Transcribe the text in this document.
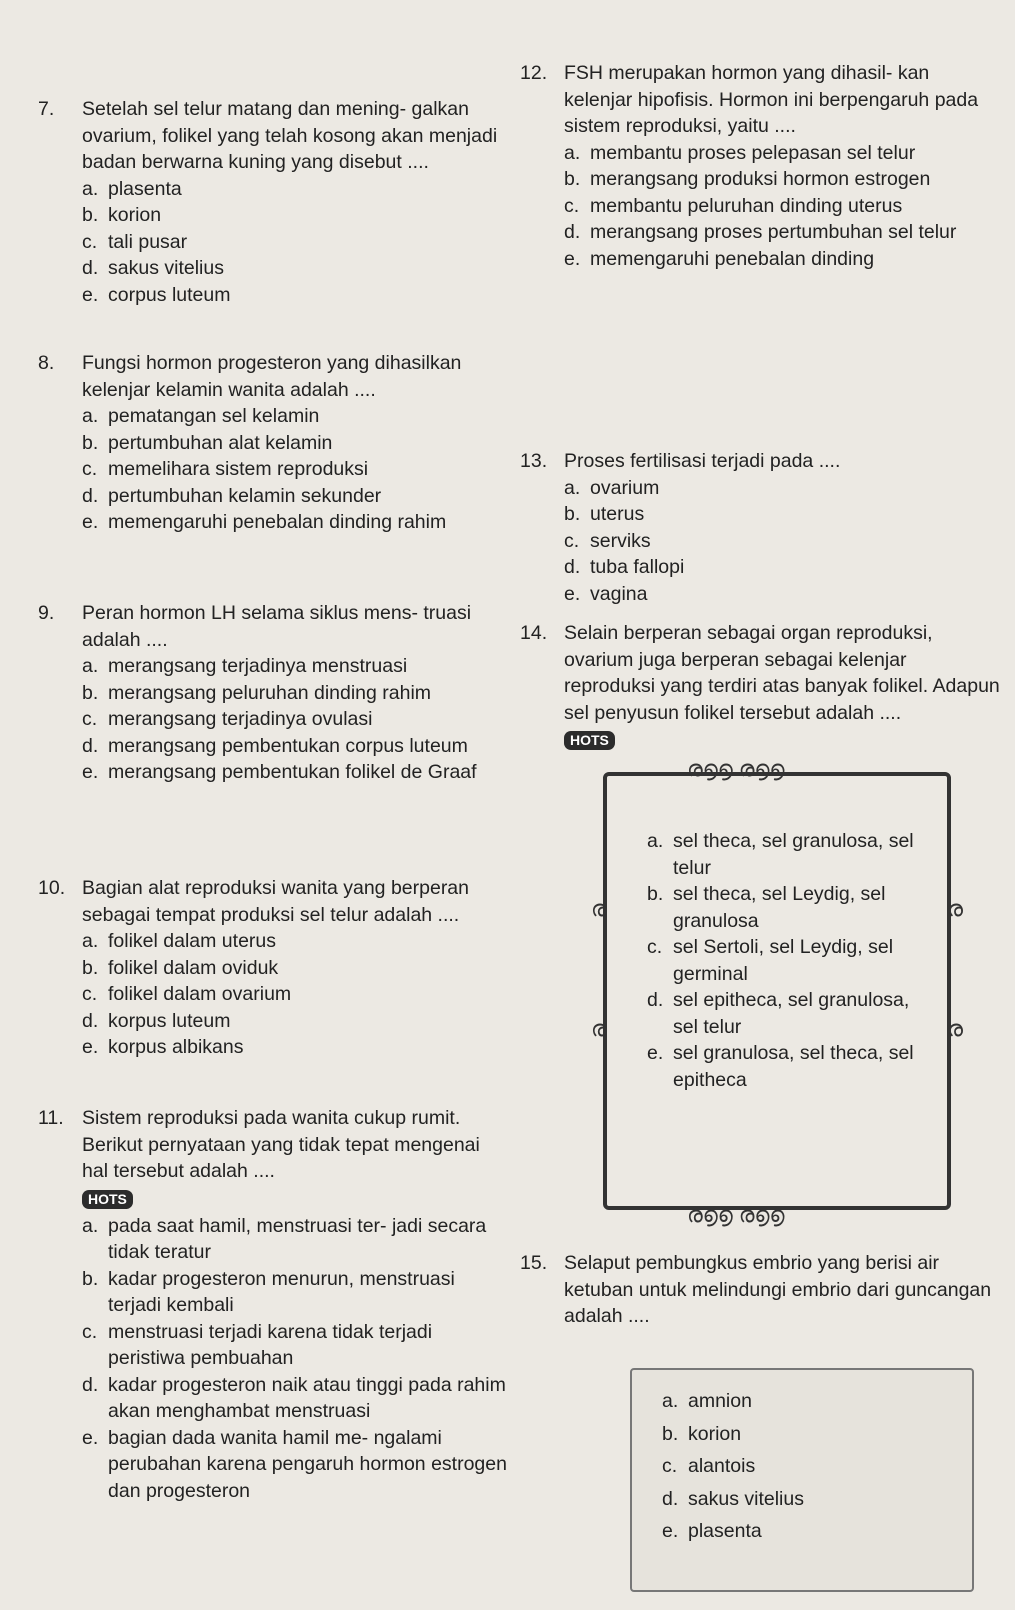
7. Setelah sel telur matang dan mening- galkan ovarium, folikel yang telah kosong akan menjadi badan berwarna kuning yang disebut ....
a. plasenta
b. korion
c. tali pusar
d. sakus vitelius
e. corpus luteum
8. Fungsi hormon progesteron yang dihasilkan kelenjar kelamin wanita adalah ....
a. pematangan sel kelamin
b. pertumbuhan alat kelamin
c. memelihara sistem reproduksi
d. pertumbuhan kelamin sekunder
e. memengaruhi penebalan dinding rahim
9. Peran hormon LH selama siklus mens- truasi adalah ....
a. merangsang terjadinya menstruasi
b. merangsang peluruhan dinding rahim
c. merangsang terjadinya ovulasi
d. merangsang pembentukan corpus luteum
e. merangsang pembentukan folikel de Graaf
10. Bagian alat reproduksi wanita yang berperan sebagai tempat produksi sel telur adalah ....
a. folikel dalam uterus
b. folikel dalam oviduk
c. folikel dalam ovarium
d. korpus luteum
e. korpus albikans
11. Sistem reproduksi pada wanita cukup rumit. Berikut pernyataan yang tidak tepat mengenai hal tersebut adalah ....
HOTS
a. pada saat hamil, menstruasi ter- jadi secara tidak teratur
b. kadar progesteron menurun, menstruasi terjadi kembali
c. menstruasi terjadi karena tidak terjadi peristiwa pembuahan
d. kadar progesteron naik atau tinggi pada rahim akan menghambat menstruasi
e. bagian dada wanita hamil me- ngalami perubahan karena pengaruh hormon estrogen dan progesteron
12. FSH merupakan hormon yang dihasil- kan kelenjar hipofisis. Hormon ini berpengaruh pada sistem reproduksi, yaitu ....
a. membantu proses pelepasan sel telur
b. merangsang produksi hormon estrogen
c. membantu peluruhan dinding uterus
d. merangsang proses pertumbuhan sel telur
e. memengaruhi penebalan dinding
13. Proses fertilisasi terjadi pada ....
a. ovarium
b. uterus
c. serviks
d. tuba fallopi
e. vagina
14. Selain berperan sebagai organ reproduksi, ovarium juga berperan sebagai kelenjar reproduksi yang terdiri atas banyak folikel. Adapun sel penyusun folikel tersebut adalah ....
HOTS
ര൭൭ ര൭൭
ര൭൭ ര൭൭
ര
ര
ര
ര
a. sel theca, sel granulosa, sel telur
b. sel theca, sel Leydig, sel granulosa
c. sel Sertoli, sel Leydig, sel germinal
d. sel epitheca, sel granulosa, sel telur
e. sel granulosa, sel theca, sel epitheca
15. Selaput pembungkus embrio yang berisi air ketuban untuk melindungi embrio dari guncangan adalah ....
a. amnion
b. korion
c. alantois
d. sakus vitelius
e. plasenta
